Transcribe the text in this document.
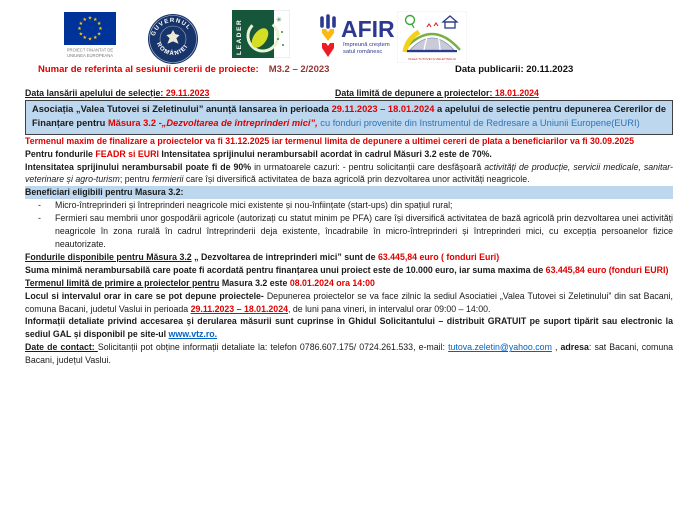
★ ★
★
★
★
★
★
★
★
★
★
★
PROIECT FINANTAT DE
UNIUNEA EUROPEANA
GUVERNUL
ROMÂNIEI	LEADER	✳	AFIR
împreună creștem
satul românesc
VALEA TUTOVEI ȘI ZELETINULUI
Numar de referinta al sesiunii cererii de proiecte: M3.2 – 2/2023	Data publicarii: 20.11.2023

Data lansării apelului de selecție: 29.11.2023	Data limită de depunere a proiectelor: 18.01.2024

Asociația „Valea Tutovei si Zeletinului” anunță lansarea în perioada 29.11.2023 – 18.01.2024 a apelului de selectie pentru depunerea Cererilor de Finanțare pentru Măsura 3.2 -„Dezvoltarea de întreprinderi mici”, cu fonduri provenite din Instrumentul de Redresare a Uniunii Europene(EURI)

Termenul maxim de finalizare a proiectelor va fi 31.12.2025 iar termenul limita de depunere a ultimei cereri de plata a beneficiarilor va fi 30.09.2025

Pentru fondurile FEADR si EURI Intensitatea sprijinului nerambursabil acordat în cadrul Măsuri 3.2 este de 70%.

Intensitatea sprijinului nerambursabil poate fi de 90% in urmatoarele cazuri: - pentru solicitanții care desfășoară activități de producție, servicii medicale, sanitar- veterinare și agro-turism; pentru fermierii care își diversifică activitatea de baza agricolă prin dezvoltarea unor activități neagricole.

Beneficiari eligibili pentru Masura 3.2:

- Micro-întreprinderi și întreprinderi neagricole mici existente și nou-înființate (start-ups) din spațiul rural;
- Fermieri sau membrii unor gospodării agricole (autorizați cu statut minim pe PFA) care își diversifică activitatea de bază agricolă prin dezvoltarea unei activități neagricole în zona rurală în cadrul întreprinderii deja existente, încadrabile în micro-întreprinderi și întreprinderi mici, cu excepția persoanelor fizice neautorizate.

Fondurile disponibile pentru Măsura 3.2 „ Dezvoltarea de intreprinderi mici” sunt de 63.445,84 euro ( fonduri Euri)

Suma minimă nerambursabilă care poate fi acordată pentru finanțarea unui proiect este de 10.000 euro, iar suma maxima de 63.445,84 euro (fonduri EURI)

Termenul limită de primire a proiectelor pentru Masura 3.2 este 08.01.2024 ora 14:00

Locul si intervalul orar in care se pot depune proiectele- Depunerea proiectelor se va face zilnic la sediul Asociatiei „Valea Tutovei si Zeletinului” din sat Bacani, comuna Bacani, judetul Vaslui in perioada 29.11.2023 – 18.01.2024, de luni pana vineri, in intervalul orar 09:00 – 14:00.

Informații detaliate privind accesarea și derularea măsurii sunt cuprinse în Ghidul Solicitantului – distribuit GRATUIT pe suport tipărit sau electronic la sediul GAL și disponibil pe site-ul www.vtz.ro.

Date de contact: Solicitanții pot obține informații detaliate la: telefon 0786.607.175/ 0724.261.533, e-mail: tutova.zeletin@yahoo.com , adresa: sat Bacani, comuna Bacani, județul Vaslui.
